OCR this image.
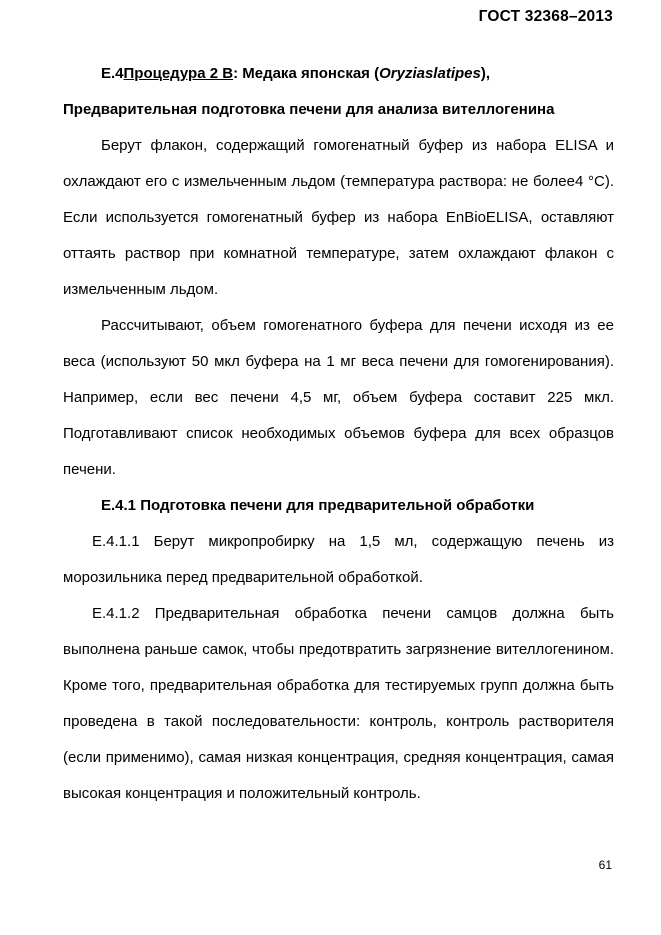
ГОСТ 32368–2013

Е.4Процедура 2 В: Медака японская (Oryziaslatipes),

Предварительная подготовка печени для анализа вителлогенина

Берут флакон, содержащий гомогенатный буфер из набора ELISA и охлаждают его с измельченным льдом (температура раствора: не более4 °С). Если используется гомогенатный буфер из набора EnBioELISA, оставляют оттаять раствор при комнатной температуре, затем охлаждают флакон с измельченным льдом.

Рассчитывают, объем гомогенатного буфера для печени исходя из ее веса (используют 50 мкл буфера на 1 мг веса печени для гомогенирования). Например, если вес печени 4,5 мг, объем буфера составит 225 мкл. Подготавливают список необходимых объемов буфера для всех образцов печени.

Е.4.1 Подготовка печени для предварительной обработки

Е.4.1.1 Берут микропробирку на 1,5 мл, содержащую печень из морозильника перед предварительной обработкой.

Е.4.1.2 Предварительная обработка печени самцов должна быть выполнена раньше самок, чтобы предотвратить загрязнение вителлогенином. Кроме того, предварительная обработка для тестируемых групп должна быть проведена в такой последовательности: контроль, контроль растворителя (если применимо), самая низкая концентрация, средняя концентрация, самая высокая концентрация и положительный контроль.

61
